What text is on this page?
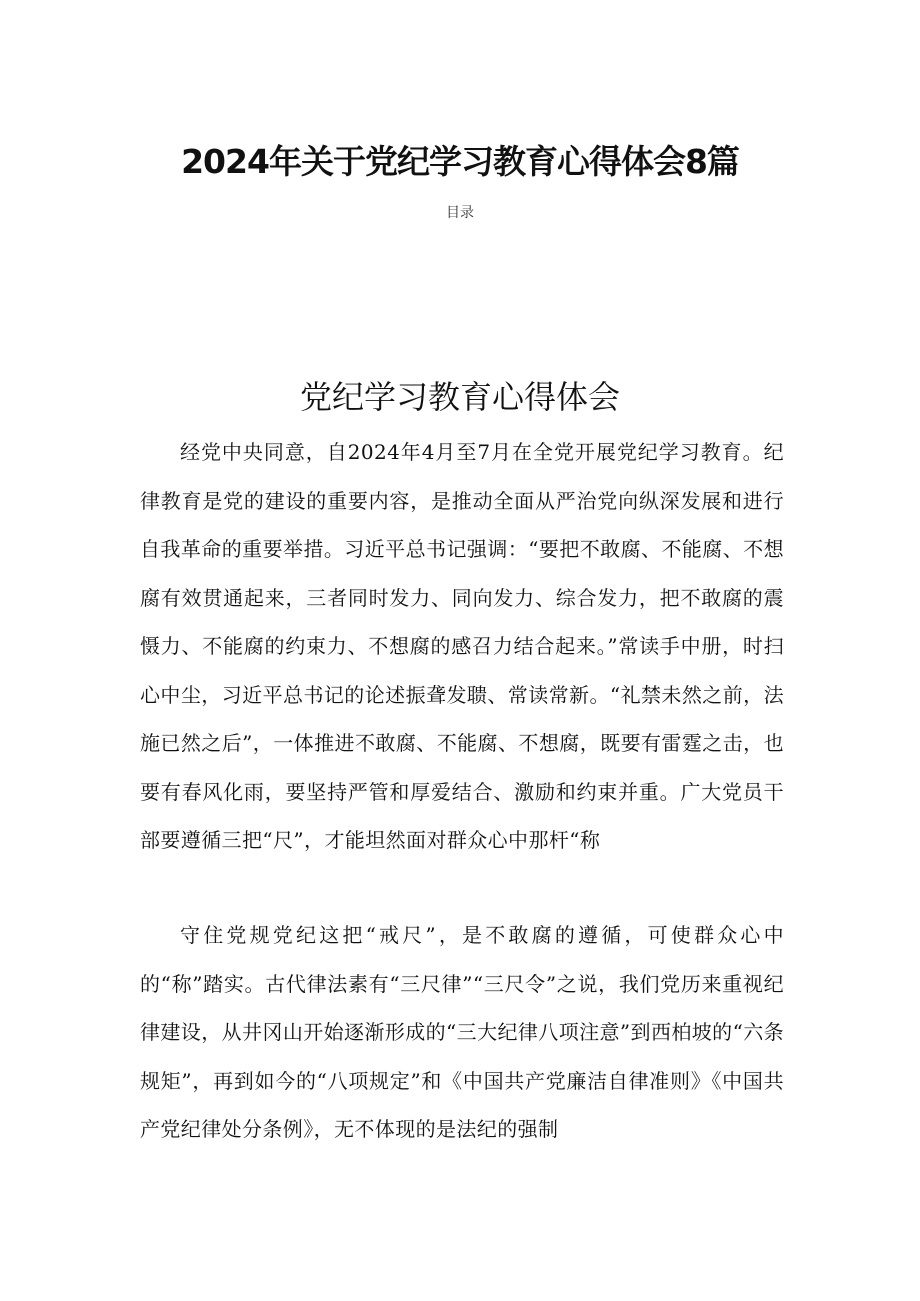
2024年关于党纪学习教育心得体会8篇
目录
党纪学习教育心得体会

经党中央同意，自2024年4月至7月在全党开展党纪学习教育。纪律教育是党的建设的重要内容，是推动全面从严治党向纵深发展和进行自我革命的重要举措。习近平总书记强调：“要把不敢腐、不能腐、不想腐有效贯通起来，三者同时发力、同向发力、综合发力，把不敢腐的震慑力、不能腐的约束力、不想腐的感召力结合起来。”常读手中册，时扫心中尘，习近平总书记的论述振聋发聩、常读常新。“礼禁未然之前，法施已然之后”，一体推进不敢腐、不能腐、不想腐，既要有雷霆之击，也要有春风化雨，要坚持严管和厚爱结合、激励和约束并重。广大党员干部要遵循三把“尺”，才能坦然面对群众心中那杆“称

守住党规党纪这把“戒尺”，是不敢腐的遵循，可使群众心中的“称”踏实。古代律法素有“三尺律”“三尺令”之说，我们党历来重视纪律建设，从井冈山开始逐渐形成的“三大纪律八项注意”到西柏坡的“六条规矩”，再到如今的“八项规定”和《中国共产党廉洁自律准则》《中国共产党纪律处分条例》，无不体现的是法纪的强制
